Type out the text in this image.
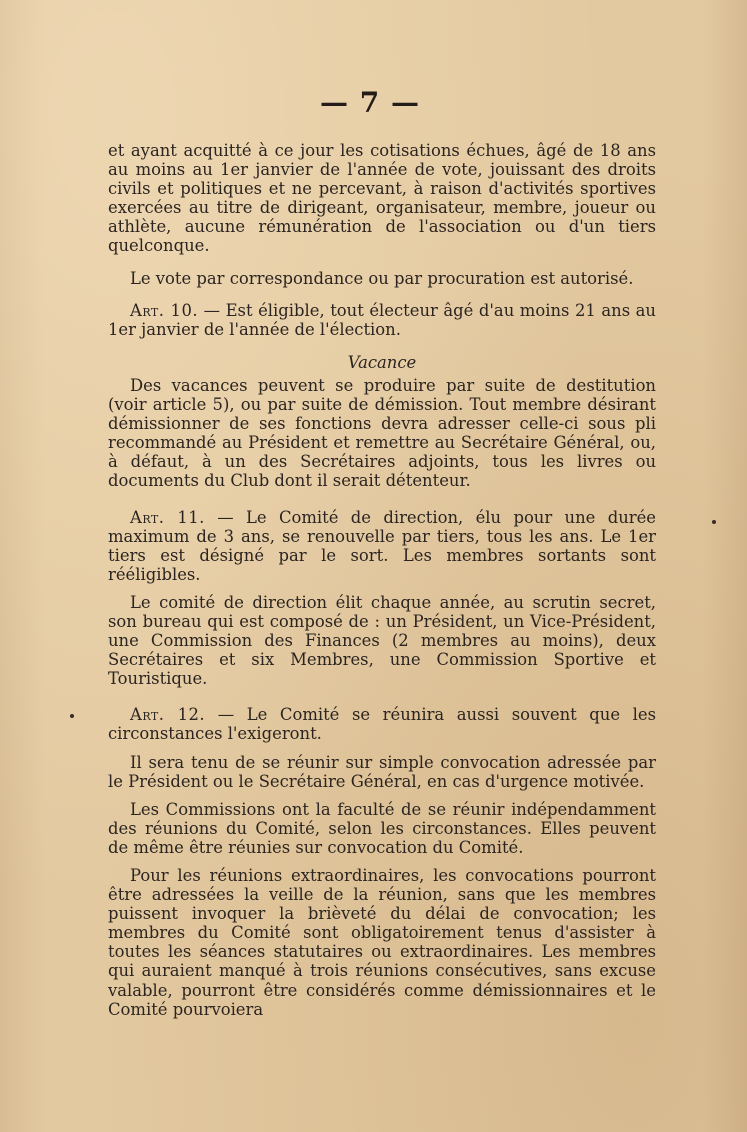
— 7 —

et ayant acquitté à ce jour les cotisations échues, âgé de 18 ans au moins au 1er janvier de l'année de vote, jouissant des droits civils et politiques et ne percevant, à raison d'activités sportives exercées au titre de dirigeant, organisateur, membre, joueur ou athlète, aucune rémunération de l'association ou d'un tiers quelconque.

Le vote par correspondance ou par procuration est autorisé.

Art. 10. — Est éligible, tout électeur âgé d'au moins 21 ans au 1er janvier de l'année de l'élection.

Vacance

Des vacances peuvent se produire par suite de destitution (voir article 5), ou par suite de démission. Tout membre désirant démissionner de ses fonctions devra adresser celle-ci sous pli recommandé au Président et remettre au Secrétaire Général, ou, à défaut, à un des Secrétaires adjoints, tous les livres ou documents du Club dont il serait détenteur.

Art. 11. — Le Comité de direction, élu pour une durée maximum de 3 ans, se renouvelle par tiers, tous les ans. Le 1er tiers est désigné par le sort. Les membres sortants sont rééligibles.

Le comité de direction élit chaque année, au scrutin secret, son bureau qui est composé de : un Président, un Vice-Président, une Commission des Finances (2 membres au moins), deux Secrétaires et six Membres, une Commission Sportive et Touristique.

Art. 12. — Le Comité se réunira aussi souvent que les circonstances l'exigeront.

Il sera tenu de se réunir sur simple convocation adressée par le Président ou le Secrétaire Général, en cas d'urgence motivée.

Les Commissions ont la faculté de se réunir indépendamment des réunions du Comité, selon les circonstances. Elles peuvent de même être réunies sur convocation du Comité.

Pour les réunions extraordinaires, les convocations pourront être adressées la veille de la réunion, sans que les membres puissent invoquer la brièveté du délai de convocation; les membres du Comité sont obligatoirement tenus d'assister à toutes les séances statutaires ou extraordinaires. Les membres qui auraient manqué à trois réunions consécutives, sans excuse valable, pourront être considérés comme démissionnaires et le Comité pourvoiera
